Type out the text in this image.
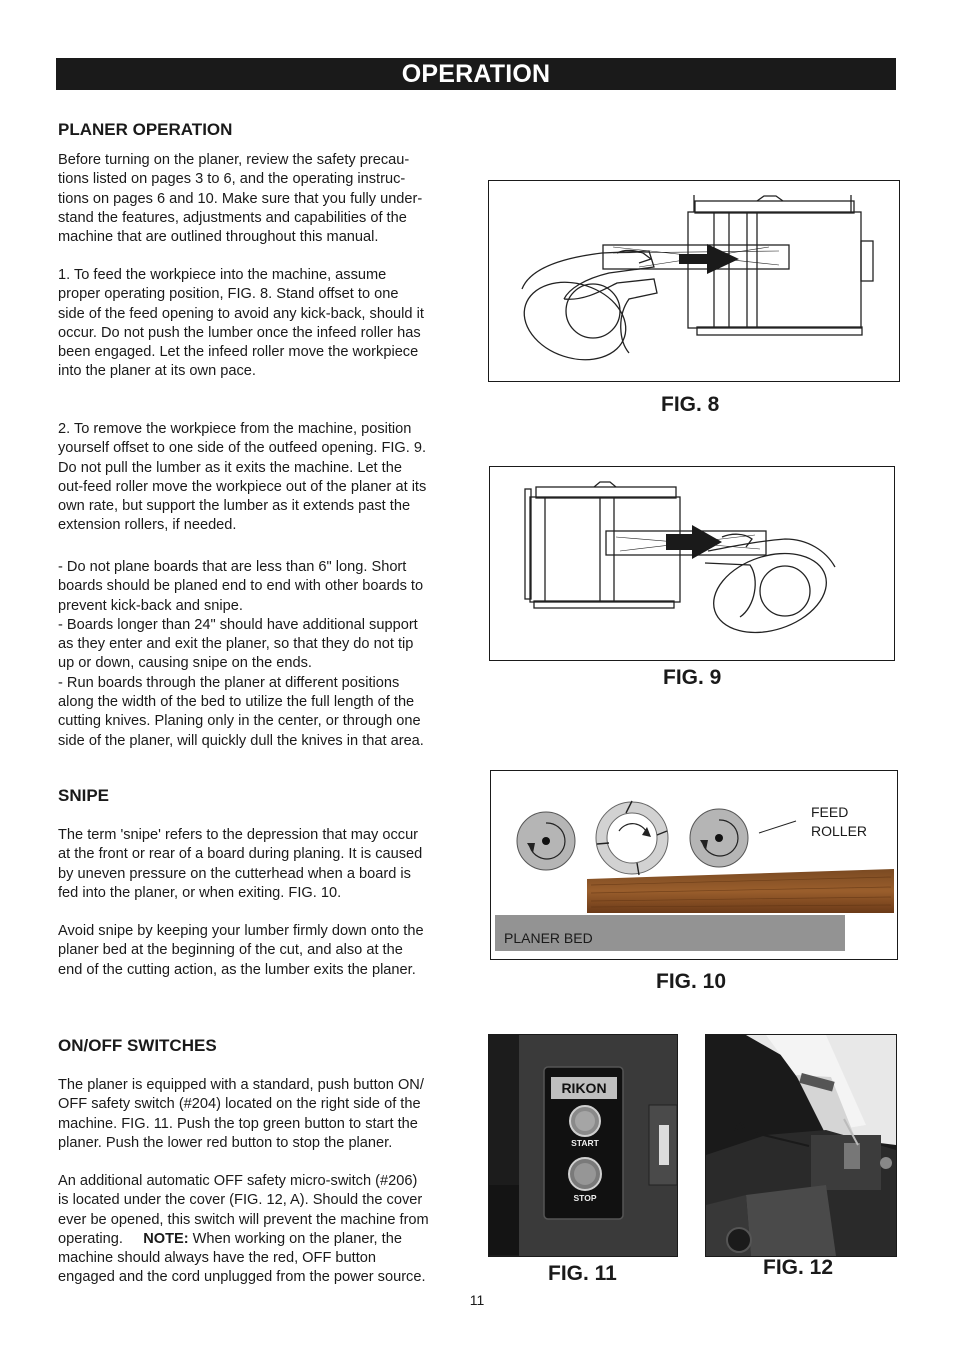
OPERATION
PLANER OPERATION

Before turning on the planer, review the safety precau-
tions listed on pages 3 to 6, and the operating instruc-
tions on pages 6 and 10. Make sure that you fully under-
stand the features, adjustments and capabilities of the
machine that are outlined throughout this manual.

1. To feed the workpiece into the machine, assume
proper operating position, FIG. 8. Stand offset to one
side of the feed opening to avoid any kick-back, should it
occur. Do not push the lumber once the infeed roller has
been engaged. Let the infeed roller move the workpiece
into the planer at its own pace.

2. To remove the workpiece from the machine, position
yourself offset to one side of the outfeed opening. FIG. 9.
Do not pull the lumber as it exits the machine. Let the
out-feed roller move the workpiece out of the planer at its
own rate, but support the lumber as it extends past the
extension rollers, if needed.

- Do not plane boards that are less than 6" long. Short
boards should be planed end to end with other boards to
prevent kick-back and snipe.
- Boards longer than 24" should have additional support
as they enter and exit the planer, so that they do not tip
up or down, causing snipe on the ends.
- Run boards through the planer at different positions
along the width of the bed to utilize the full length of the
cutting knives. Planing only in the center, or through one
side of the planer, will quickly dull the knives in that area.

SNIPE

The term 'snipe' refers to the depression that may occur
at the front or rear of a board during planing. It is caused
by uneven pressure on the cutterhead when a board is
fed into the planer, or when exiting. FIG. 10.

Avoid snipe by keeping your lumber firmly down onto the
planer bed at the beginning of the cut, and also at the
end of the cutting action, as the lumber exits the planer.

ON/OFF SWITCHES

The planer is equipped with a standard, push button ON/
OFF safety switch (#204) located on the right side of the
machine. FIG. 11. Push the top green button to start the
planer. Push the lower red button to stop the planer.

An additional automatic OFF safety micro-switch (#206)
is located under the cover (FIG. 12, A). Should the cover
ever be opened, this switch will prevent the machine from
operating.     NOTE: When working on the planer, the
machine should always have the red, OFF button
engaged and the cord unplugged from the power source.

FIG. 8
FIG. 9
FEED
ROLLER
PLANER BED
FIG. 10
RIKON
START
STOP
FIG. 11
A
FIG. 12
11
